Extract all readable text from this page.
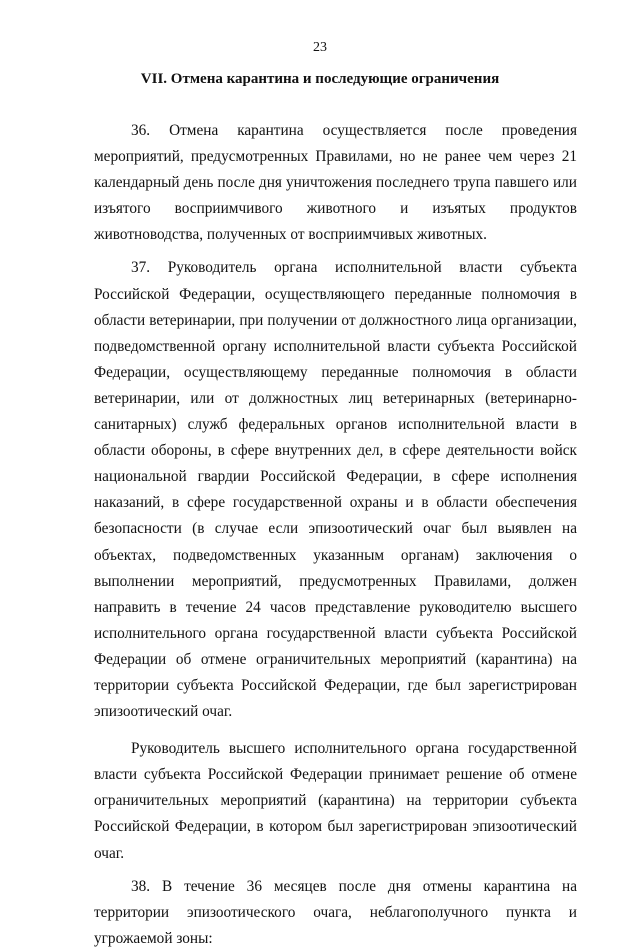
23
VII. Отмена карантина и последующие ограничения

36. Отмена карантина осуществляется после проведения мероприятий, предусмотренных Правилами, но не ранее чем через 21 календарный день после дня уничтожения последнего трупа павшего или изъятого восприимчивого животного и изъятых продуктов животноводства, полученных от восприимчивых животных.

37. Руководитель органа исполнительной власти субъекта Российской Федерации, осуществляющего переданные полномочия в области ветеринарии, при получении от должностного лица организации, подведомственной органу исполнительной власти субъекта Российской Федерации, осуществляющему переданные полномочия в области ветеринарии, или от должностных лиц ветеринарных (ветеринарно-санитарных) служб федеральных органов исполнительной власти в области обороны, в сфере внутренних дел, в сфере деятельности войск национальной гвардии Российской Федерации, в сфере исполнения наказаний, в сфере государственной охраны и в области обеспечения безопасности (в случае если эпизоотический очаг был выявлен на объектах, подведомственных указанным органам) заключения о выполнении мероприятий, предусмотренных Правилами, должен направить в течение 24 часов представление руководителю высшего исполнительного органа государственной власти субъекта Российской Федерации об отмене ограничительных мероприятий (карантина) на территории субъекта Российской Федерации, где был зарегистрирован эпизоотический очаг.

Руководитель высшего исполнительного органа государственной власти субъекта Российской Федерации принимает решение об отмене ограничительных мероприятий (карантина) на территории субъекта Российской Федерации, в котором был зарегистрирован эпизоотический очаг.

38. В течение 36 месяцев после дня отмены карантина на территории эпизоотического очага, неблагополучного пункта и угрожаемой зоны:
